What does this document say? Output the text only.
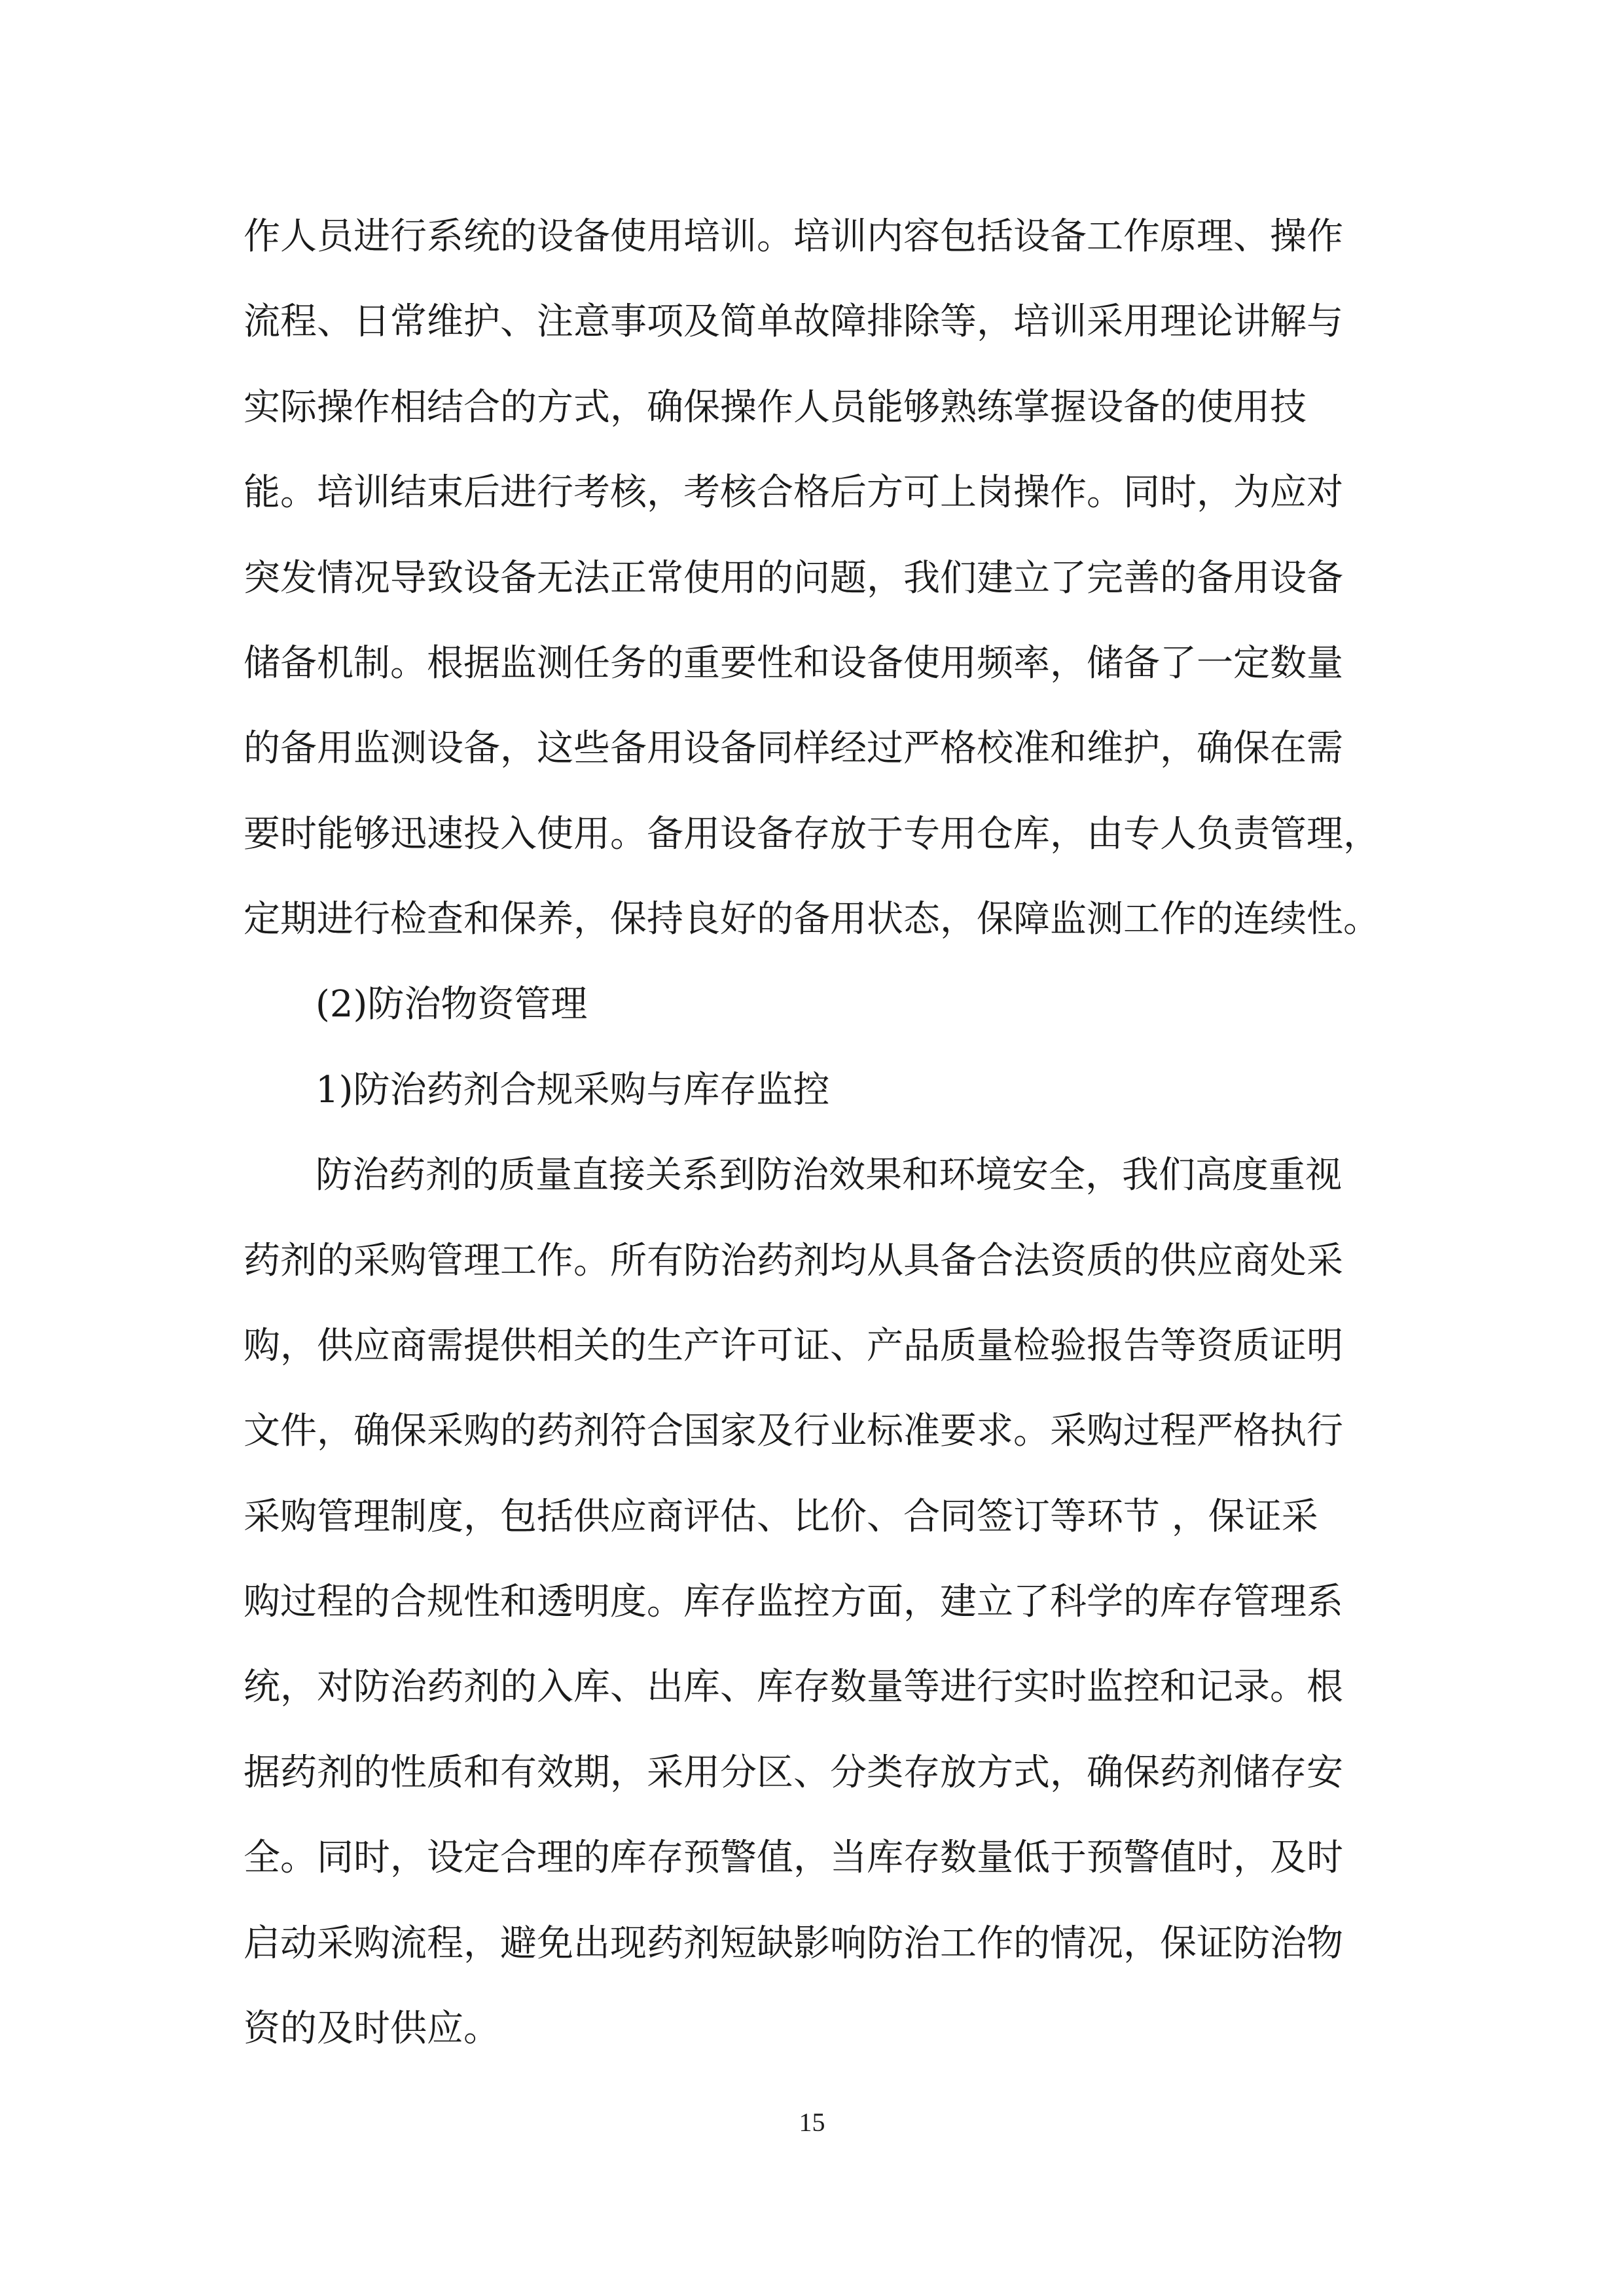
15
作人员进行系统的设备使用培训。培训内容包括设备工作原理、操作
流程、日常维护、注意事项及简单故障排除等，培训采用理论讲解与
实际操作相结合的方式，确保操作人员能够熟练掌握设备的使用技
能。培训结束后进行考核，考核合格后方可上岗操作。同时，为应对
突发情况导致设备无法正常使用的问题，我们建立了完善的备用设备
储备机制。根据监测任务的重要性和设备使用频率，储备了一定数量
的备用监测设备，这些备用设备同样经过严格校准和维护，确保在需
要时能够迅速投入使用。备用设备存放于专用仓库，由专人负责管理，
定期进行检查和保养，保持良好的备用状态，保障监测工作的连续性。
(2)防治物资管理
1)防治药剂合规采购与库存监控
防治药剂的质量直接关系到防治效果和环境安全，我们高度重视
药剂的采购管理工作。所有防治药剂均从具备合法资质的供应商处采
购，供应商需提供相关的生产许可证、产品质量检验报告等资质证明
文件，确保采购的药剂符合国家及行业标准要求。采购过程严格执行
采购管理制度，包括供应商评估、比价、合同签订等环节 ，保证采
购过程的合规性和透明度。库存监控方面，建立了科学的库存管理系
统，对防治药剂的入库、出库、库存数量等进行实时监控和记录。根
据药剂的性质和有效期，采用分区、分类存放方式，确保药剂储存安
全。同时，设定合理的库存预警值，当库存数量低于预警值时，及时
启动采购流程，避免出现药剂短缺影响防治工作的情况，保证防治物
资的及时供应。
